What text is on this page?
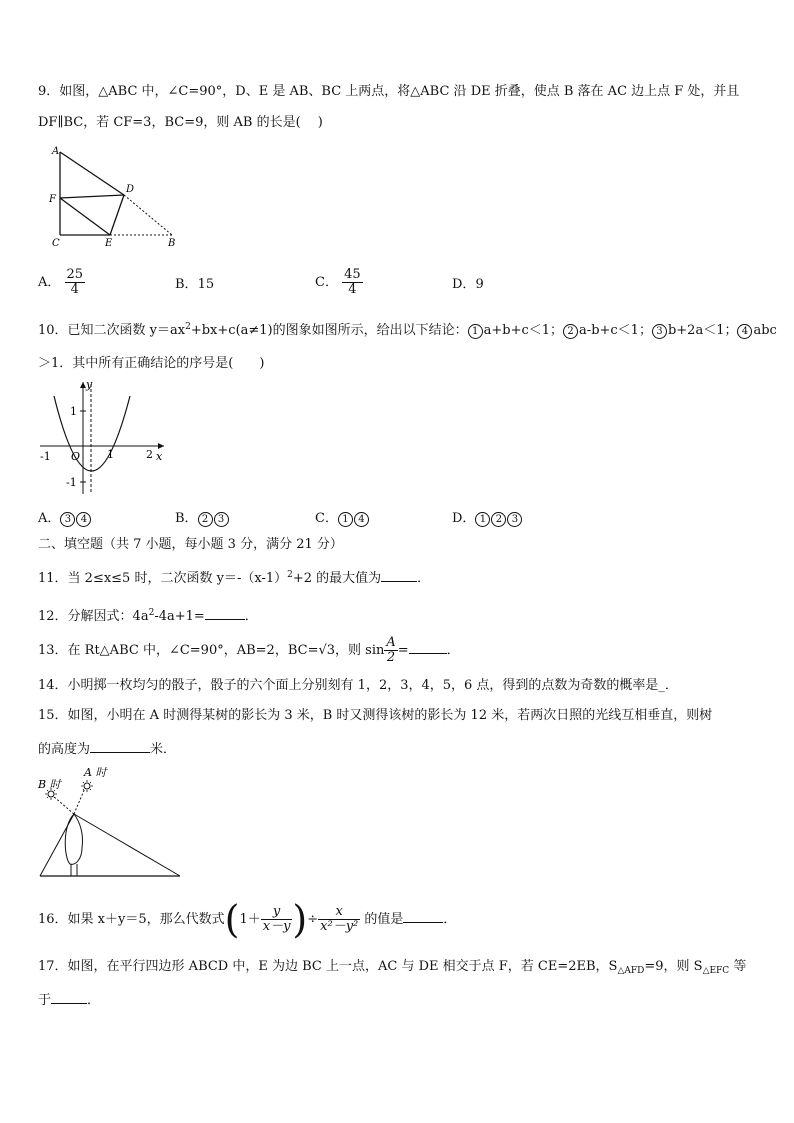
9．如图，△ABC 中，∠C=90°，D、E 是 AB、BC 上两点，将△ABC 沿 DE 折叠，使点 B 落在 AC 边上点 F 处，并且
DF∥BC，若 CF=3，BC=9，则 AB 的长是(　 )
A
D
F
C	E	B
A． $\frac{25}{4}$	B．15	C． $\frac{45}{4}$	D．9
10．已知二次函数 $y=ax^2+bx+c(a\ne 1)$的图象如图所示，给出以下结论： 1 a+b+c＜1； 2 a-b+c＜1； 3 b+2a＜1； 4 abc
＞1．其中所有正确结论的序号是(　　)
y
x
1
-1
-1 O 1	2
A． 3 4	B． 2 3	C． 1 4	D． 1 2 3
二、填空题（共 7 小题，每小题 3 分，满分 21 分）
11．当 2≤x≤5 时，二次函数 $y=-(x-1)^2+2$ 的最大值为	．
12．分解因式：$4a^2-4a+1=$	．
13．在 Rt△ABC 中，∠C=90°，AB=2，BC=√3，则 $\sin \frac{A}{2}$ =	．
14．小明掷一枚均匀的骰子，骰子的六个面上分别刻有 1，2，3，4，5，6 点，得到的点数为奇数的概率是_．
15．如图，小明在 A 时测得某树的影长为 3 米，B 时又测得该树的影长为 12 米，若两次日照的光线互相垂直，则树
的高度为	米．
B 时
A 时
16．如果 x＋y＝5，那么代数式($1+ \frac{y}{x-y}$ )÷ $\frac{x}{\text{x²－y²}}$ 的值是	．
17．如图，在平行四边形 ABCD 中，E 为边 BC 上一点，AC 与 DE 相交于点 F，若 CE=2EB，$S_{\triangle AFD}=9$，则 $S_{\triangle EFC}$ 等
于	．
